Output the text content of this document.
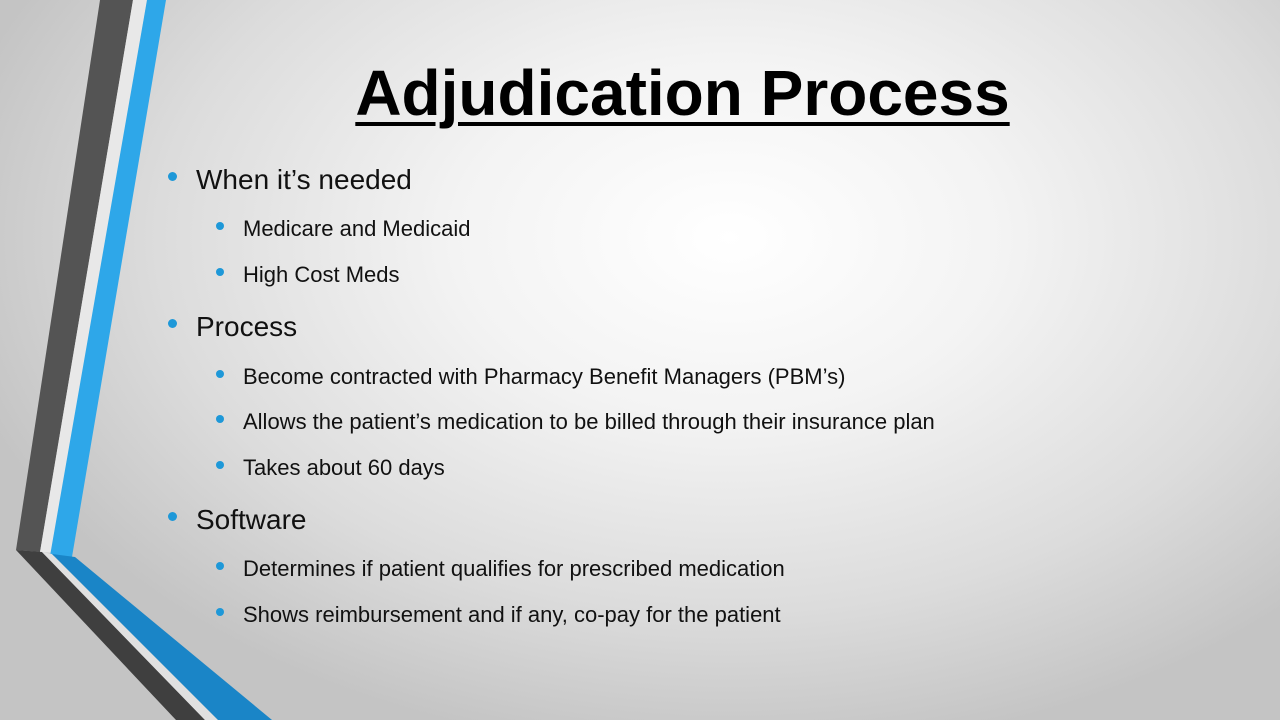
Adjudication Process
When it’s needed
Medicare and Medicaid
High Cost Meds
Process
Become contracted with Pharmacy Benefit Managers (PBM’s)
Allows the patient’s medication to be billed through their insurance plan
Takes about 60 days
Software
Determines if patient qualifies for prescribed medication
Shows reimbursement and if any, co-pay for the patient
